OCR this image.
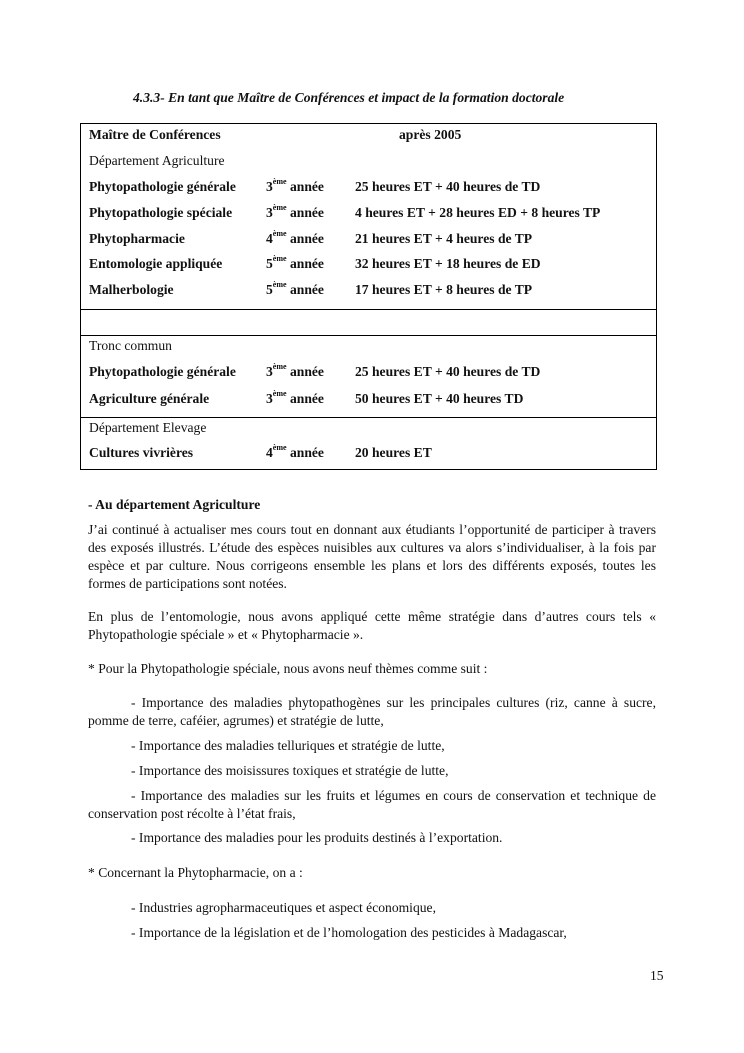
4.3.3- En tant que Maître de Conférences et impact de la formation doctorale
Maître de Conférences	après 2005
Département Agriculture
Phytopathologie générale 3ème année 25 heures ET + 40 heures de TD
Phytopathologie spéciale 3ème année 4 heures ET + 28 heures ED + 8 heures TP
Phytopharmacie	4ème année 21 heures ET + 4 heures de TP
Entomologie appliquée	5ème année 32 heures ET + 18 heures de ED
Malherbologie	5ème année 17 heures ET + 8 heures de TP
Tronc commun
Phytopathologie générale 3ème année 25 heures ET + 40 heures de TD
Agriculture générale	3ème année 50 heures ET + 40 heures TD
Département Elevage
Cultures vivrières	4ème année 20 heures ET
- Au département Agriculture
J’ai continué à actualiser mes cours tout en donnant aux étudiants l’opportunité de participer à travers des exposés illustrés. L’étude des espèces nuisibles aux cultures va alors s’individualiser, à la fois par espèce et par culture. Nous corrigeons ensemble les plans et lors des différents exposés, toutes les formes de participations sont notées.
En plus de l’entomologie, nous avons appliqué cette même stratégie dans d’autres cours tels « Phytopathologie spéciale » et « Phytopharmacie ».
* Pour la Phytopathologie spéciale, nous avons neuf thèmes comme suit :
- Importance des maladies phytopathogènes sur les principales cultures (riz, canne à sucre, pomme de terre, caféier, agrumes) et stratégie de lutte,
- Importance des maladies telluriques et stratégie de lutte,
- Importance des moisissures toxiques et stratégie de lutte,
- Importance des maladies sur les fruits et légumes en cours de conservation et technique de conservation post récolte à l’état frais,
- Importance des maladies pour les produits destinés à l’exportation.
* Concernant la Phytopharmacie, on a :
- Industries agropharmaceutiques et aspect économique,
- Importance de la législation et de l’homologation des pesticides à Madagascar,
15
